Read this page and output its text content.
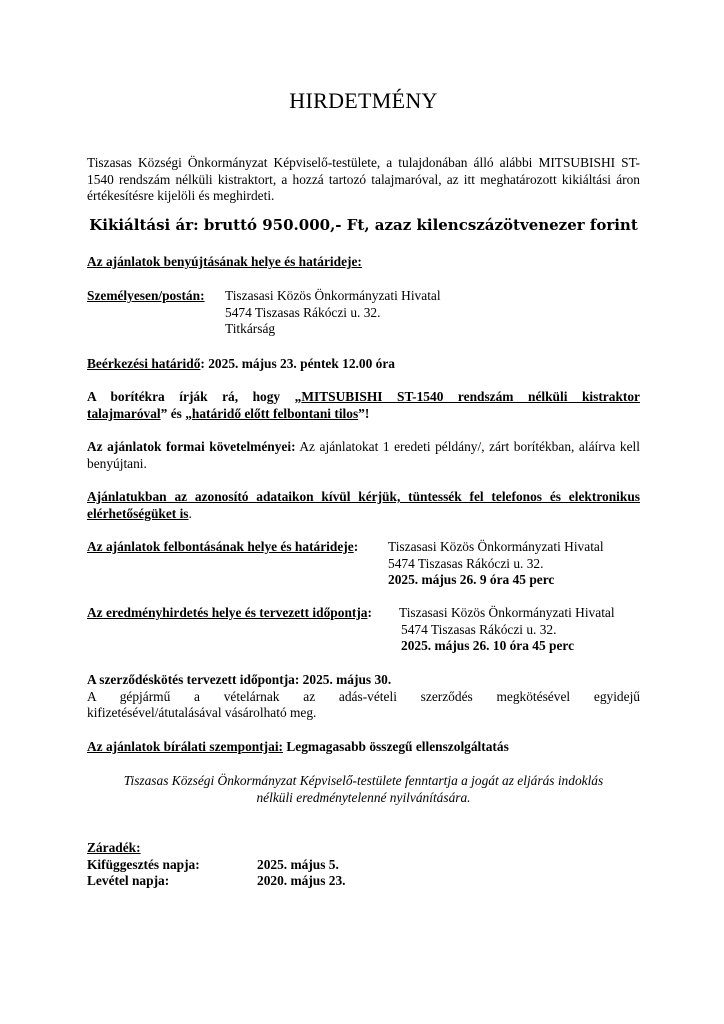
HIRDETMÉNY
Tiszasas Községi Önkormányzat Képviselő-testülete, a tulajdonában álló alábbi MITSUBISHI ST-1540 rendszám nélküli kistraktort, a hozzá tartozó talajmaróval, az itt meghatározott kikiáltási áron értékesítésre kijelöli és meghirdeti.
Kikiáltási ár: bruttó 950.000,- Ft, azaz kilencszázötvenezer forint
Az ajánlatok benyújtásának helye és határideje:
Személyesen/postán: Tiszasasi Közös Önkormányzati Hivatal
5474 Tiszasas Rákóczi u. 32.
Titkárság
Beérkezési határidő: 2025. május 23. péntek 12.00 óra
A borítékra írják rá, hogy „MITSUBISHI ST-1540 rendszám nélküli kistraktor
talajmaróval” és „határidő előtt felbontani tilos”!
Az ajánlatok formai követelményei: Az ajánlatokat 1 eredeti példány/, zárt borítékban, aláírva kell benyújtani.
Ajánlatukban az azonosító adataikon kívül kérjük, tüntessék fel telefonos és elektronikus elérhetőségüket is.
Az ajánlatok felbontásának helye és határideje: Tiszasasi Közös Önkormányzati Hivatal
5474 Tiszasas Rákóczi u. 32.
2025. május 26. 9 óra 45 perc
Az eredményhirdetés helye és tervezett időpontja: Tiszasasi Közös Önkormányzati Hivatal
5474 Tiszasas Rákóczi u. 32.
2025. május 26. 10 óra 45 perc
A szerződéskötés tervezett időpontja: 2025. május 30.
A gépjármű a vételárnak az adás-vételi szerződés megkötésével egyidejű
kifizetésével/átutalásával vásárolható meg.
Az ajánlatok bírálati szempontjai: Legmagasabb összegű ellenszolgáltatás
Tiszasas Községi Önkormányzat Képviselő-testülete fenntartja a jogát az eljárás indoklás
nélküli eredménytelenné nyilvánítására.
Záradék:
Kifüggesztés napja:	2025. május 5.
Levétel napja:	2020. május 23.
